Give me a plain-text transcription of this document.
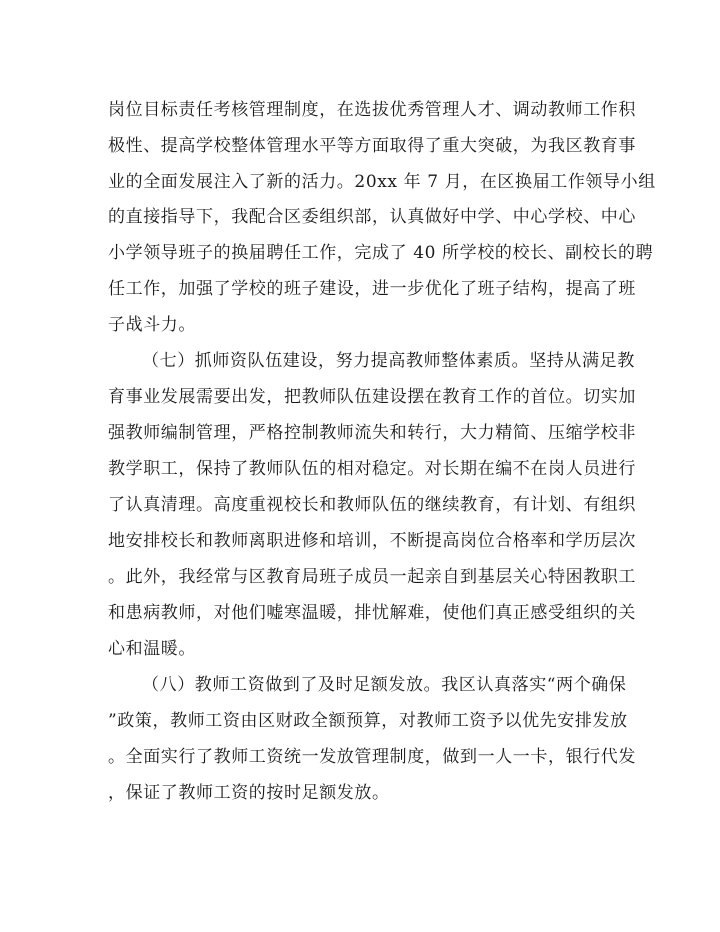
岗位目标责任考核管理制度，在选拔优秀管理人才、调动教师工作积
极性、提高学校整体管理水平等方面取得了重大突破，为我区教育事
业的全面发展注入了新的活力。20xx 年 7 月，在区换届工作领导小组
的直接指导下，我配合区委组织部，认真做好中学、中心学校、中心
小学领导班子的换届聘任工作，完成了 40 所学校的校长、副校长的聘
任工作，加强了学校的班子建设，进一步优化了班子结构，提高了班
子战斗力。
（七）抓师资队伍建设，努力提高教师整体素质。坚持从满足教
育事业发展需要出发，把教师队伍建设摆在教育工作的首位。切实加
强教师编制管理，严格控制教师流失和转行，大力精简、压缩学校非
教学职工，保持了教师队伍的相对稳定。对长期在编不在岗人员进行
了认真清理。高度重视校长和教师队伍的继续教育，有计划、有组织
地安排校长和教师离职进修和培训，不断提高岗位合格率和学历层次
。此外，我经常与区教育局班子成员一起亲自到基层关心特困教职工
和患病教师，对他们嘘寒温暖，排忧解难，使他们真正感受组织的关
心和温暖。
（八）教师工资做到了及时足额发放。我区认真落实“两个确保
”政策，教师工资由区财政全额预算，对教师工资予以优先安排发放
。全面实行了教师工资统一发放管理制度，做到一人一卡，银行代发
，保证了教师工资的按时足额发放。
